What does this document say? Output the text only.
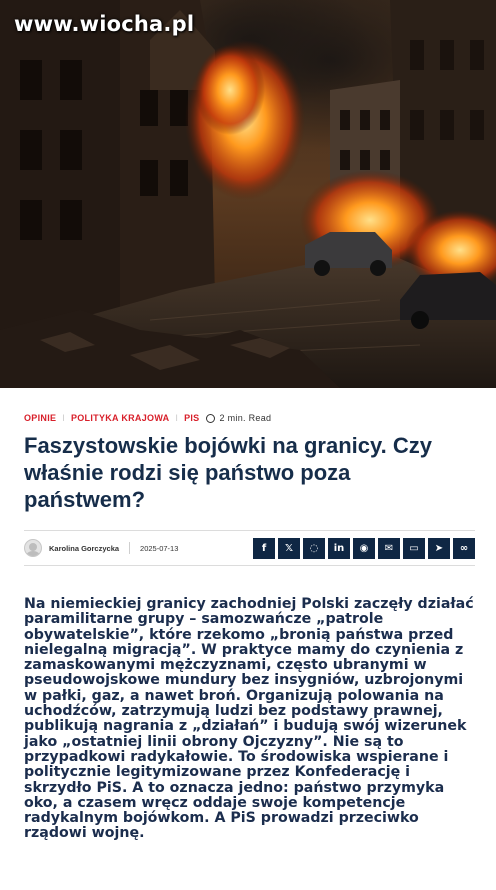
www.wiocha.pl
OPINIE ǀ POLITYKA KRAJOWA ǀ PIS 2 min. Read
Faszystowskie bojówki na granicy. Czy właśnie rodzi się państwo poza państwem?
Karolina Gorczycka	2025-07-13	f	𝕏	◌	in	◉	✉	▭	➤	∞

Na niemieckiej granicy zachodniej Polski zaczęły działać paramilitarne grupy – samozwańcze „patrole obywatelskie”, które rzekomo „bronią państwa przed nielegalną migracją”. W praktyce mamy do czynienia z zamaskowanymi mężczyznami, często ubranymi w pseudowojskowe mundury bez insygniów, uzbrojonymi w pałki, gaz, a nawet broń. Organizują polowania na uchodźców, zatrzymują ludzi bez podstawy prawnej, publikują nagrania z „działań” i budują swój wizerunek jako „ostatniej linii obrony Ojczyzny”. Nie są to przypadkowi radykałowie. To środowiska wspierane i politycznie legitymizowane przez Konfederację i skrzydło PiS. A to oznacza jedno: państwo przymyka oko, a czasem wręcz oddaje swoje kompetencje radykalnym bojówkom. A PiS prowadzi przeciwko rządowi wojnę.
